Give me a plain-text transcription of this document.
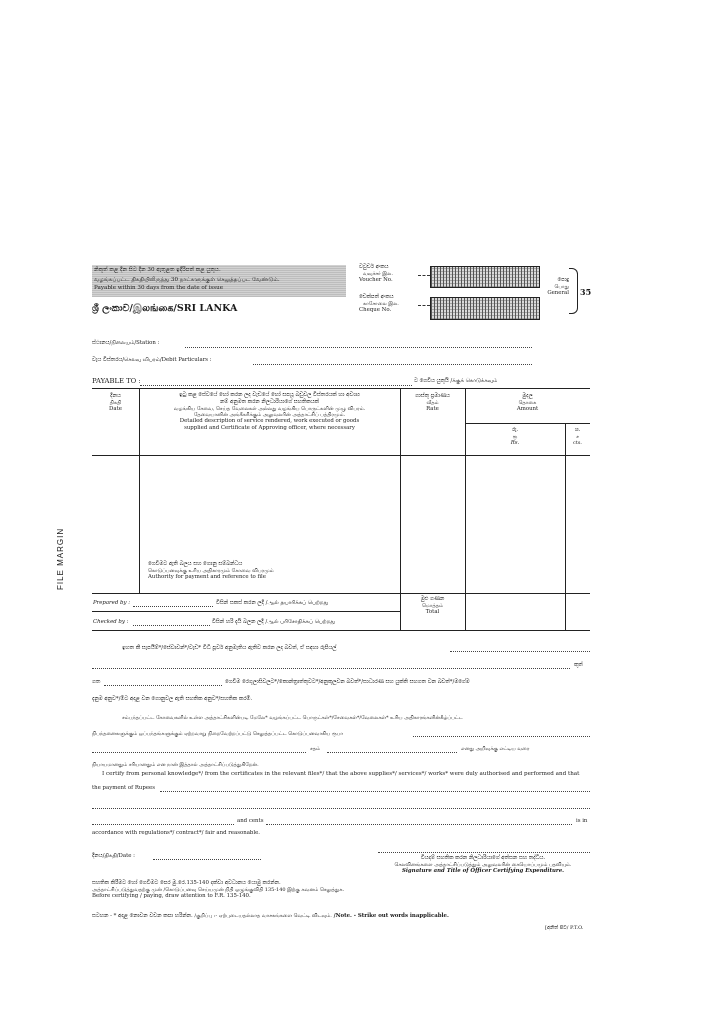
නිකුත් කළ දින සිට දින 30 ඇතුළත ඉදිරිපත් කළ යුතුය.
வழங்கப்பட்ட திகதியிலிருந்து 30 நாட்களுக்குள் செலுத்தப்பட வேண்டும்.
Payable within 30 days from the date of issue
වවුචර් අංකය
வவுச்சர் இல.
Voucher No.
චෙක්පත් අංකය
காசோலை இல.
Cheque No.
පොදු
பொது
General 35
ශ්‍රී ලංකාව/இலங்கை/SRI LANKA
ස්ථානය/நிலையம்/Station :
වැය විස්තරය/செலவு விபரம்/Debit Particulars :
PAYABLE TO :	ට ගෙවිය යුතුයි /க்குக் கொடுக்கவும்
දිනය
திகதி
Date
ඉටු කළ සේවයේ හෝ කරන ලද වැඩයේ හෝ සපයූ බඩුවල විස්තරයක් හා අවශ්‍ය නම් අනුමත කරන නිලධාරියාගේ සහතිකයක්
வழங்கிய சேவை, செய்த வேலைகள் அல்லது வழங்கிய பொருட்களின் முழு விபரம். தேவையானின் அங்கீகரிக்கும் அலுவலரின் அத்தாட்சிப் பத்திரமும்.
Detailed description of service rendered, work executed or goods supplied and Certificate of Approving officer, where necessary
ගාස්තු ප්‍රමාණය
வீதம்
Rate
මුදල
தொகை
Amount
රු.
ரூ
Rs.
ශ.
ச
cts.
ගෙවීමට ඇති බලය සහ ගොනු සම්බන්ධය
கொடுப்பனவுக்கு உரிய அதிகாரமும் கோவை விபரமும்
Authority for payment and reference to file
Prepared by :	විසින් සකස් කරන ලදී /ஆல் தயாரிக்கப் பெற்றது
Checked by :	විසින් හරි දැයි බලන ලදී /ஆல் பரிசோதிக்கப் பெற்றது
මුළු ගණන
மொத்தம்
Total
FILE MARGIN
ඉහත කී සැපයීම්*/සේවාවන්*/වැඩ* විධි පූර්ව අනුමැතිය ඇතිව කරන ලද බවත්, ඒ සඳහා රුපියල්
කුත්
ගත	ගෙවීම රෙගුලාසිවලට*/කොන්ත්‍රාත්තුවට*/අනුකූලවන බවත්*/සාධාරණ සහ යුක්ති සහගත වන බවත්*/මගේම
දැනුම අනුව*/මීට අදාළ වන ගොනුවල ඇති සහතික අනුව*/සහතික කරමි.
சம்பந்தப்பட்ட கோவைகளில் உள்ள அத்தாட்சிகளின்படி மேலே* வழங்கப்பட்ட பொருட்கள்*/சேவைகள்*/வேலைகள்* உரிய அதிகாரங்களின்கீழ்ப்பட்ட
நிபந்தனைகளுக்கும் ஒப்பந்தங்களுக்கும் ஏற்றவாறு நிறைவேற்றப்பட்டு செலுத்தப்பட்ட கொடுப்பனவாகிய ரூபா
சதம்	எனது அறிவுக்கு எட்டிய வரை
நியாயமானதும் சரியானதும் என நான் இத்தால் அத்தாட்சிப்படுத்துகிறேன்.
I certify from personal knowledge*/ from the certificates in the relevant files*/ that the above supplies*/ services*/ works* were duly authorised and performed and that
the payment of Rupees
and cents	is in
accordance with regulations*/ contract*/ fair and reasonable.
දිනය/திகதி/Date :	වියදම් සහතික කරන නිලධාරියාගේ අත්සන සහ තද්ධිය.
செலவினங்களை அத்தாட்சிப்படுத்தும் அலுவலரின் கையொப்பமும் பதவியும்.
Signature and Title of Officer Certifying Expenditure.
සහතික කිරීමට හෝ ගෙවීමට පෙර මු.රෙ.135-140 දක්වා අවධානය යොමු කරන්න.
அத்தாட்சிப்படுத்துவதற்கு முன் /கொடுப்பனவு செய்யமுன் நிதி ஒழுங்குவிதி 135-140 இற்கு கவனம் செலுத்துக.
Before certifying / paying, draw attention to F.R. 135-140.
සටහන - * අදාළ නොවන වචන කපා හරින්න. /குறிப்பு :- ஏற்புடையதல்லாத வாசகங்களை வெட்டி விடவும். /Note. - Strike out words inapplicable.
[අනිත් පිට/ P.T.O.
